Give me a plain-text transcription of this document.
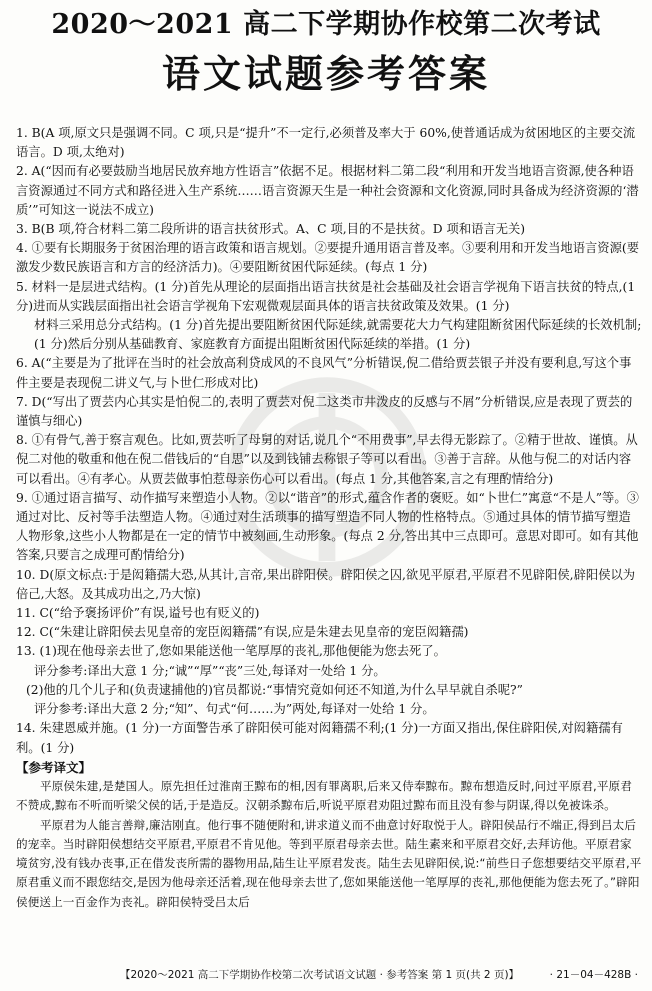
2020～2021 高二下学期协作校第二次考试
语文试题参考答案

1. B(A 项,原文只是强调不同。C 项,只是“提升”不一定行,必须普及率大于 60%,使普通话成为贫困地区的主要交流语言。D 项,太绝对)

2. A(“因而有必要鼓励当地居民放弃地方性语言”依据不足。根据材料二第二段“利用和开发当地语言资源,使各种语言资源通过不同方式和路径进入生产系统……语言资源天生是一种社会资源和文化资源,同时具备成为经济资源的‘潜质’”可知这一说法不成立)

3. B(B 项,符合材料二第二段所讲的语言扶贫形式。A、C 项,目的不是扶贫。D 项和语言无关)

4. ①要有长期服务于贫困治理的语言政策和语言规划。②要提升通用语言普及率。③要利用和开发当地语言资源(要激发少数民族语言和方言的经济活力)。④要阻断贫困代际延续。(每点 1 分)

5. 材料一是层进式结构。(1 分)首先从理论的层面指出语言扶贫是社会基础及社会语言学视角下语言扶贫的特点,(1 分)进而从实践层面指出社会语言学视角下宏观微观层面具体的语言扶贫政策及效果。(1 分)

材料三采用总分式结构。(1 分)首先提出要阻断贫困代际延续,就需要花大力气构建阻断贫困代际延续的长效机制;(1 分)然后分别从基础教育、家庭教育方面提出阻断贫困代际延续的举措。(1 分)

6. A(“主要是为了批评在当时的社会放高利贷成风的不良风气”分析错误,倪二借给贾芸银子并没有要利息,写这个事件主要是表现倪二讲义气,与卜世仁形成对比)

7. D(“写出了贾芸内心其实是怕倪二的,表明了贾芸对倪二这类市井泼皮的反感与不屑”分析错误,应是表现了贾芸的谨慎与细心)

8. ①有骨气,善于察言观色。比如,贾芸听了母舅的对话,说几个“不用费事”,早去得无影踪了。②精于世故、谨慎。从倪二对他的敬重和他在倪二借钱后的“自思”以及到钱铺去称银子等可以看出。③善于言辞。从他与倪二的对话内容可以看出。④有孝心。从贾芸做事怕惹母亲伤心可以看出。(每点 1 分,其他答案,言之有理酌情给分)

9. ①通过语言描写、动作描写来塑造小人物。②以“谐音”的形式,蕴含作者的褒贬。如“卜世仁”寓意“不是人”等。③通过对比、反衬等手法塑造人物。④通过对生活琐事的描写塑造不同人物的性格特点。⑤通过具体的情节描写塑造人物形象,这些小人物都是在一定的情节中被刻画,生动形象。(每点 2 分,答出其中三点即可。意思对即可。如有其他答案,只要言之成理可酌情给分)

10. D(原文标点:于是闳籍孺大恐,从其计,言帝,果出辟阳侯。辟阳侯之囚,欲见平原君,平原君不见辟阳侯,辟阳侯以为倍己,大怒。及其成功出之,乃大惊)

11. C(“给予褒扬评价”有误,谥号也有贬义的)

12. C(“朱建让辟阳侯去见皇帝的宠臣闳籍孺”有误,应是朱建去见皇帝的宠臣闳籍孺)

13. (1)现在他母亲去世了,您如果能送他一笔厚厚的丧礼,那他便能为您去死了。

评分参考:译出大意 1 分;“诚”“厚”“丧”三处,每译对一处给 1 分。

(2)他的几个儿子和(负责逮捕他的)官员都说:“事情究竟如何还不知道,为什么早早就自杀呢?”

评分参考:译出大意 2 分;“知”、句式“何……为”两处,每译对一处给 1 分。

14. 朱建恩威并施。(1 分)一方面警告承了辟阳侯可能对闳籍孺不利;(1 分)一方面又指出,保住辟阳侯,对闳籍孺有利。(1 分)

【参考译文】

平原侯朱建,是楚国人。原先担任过淮南王黥布的相,因有罪离职,后来又侍奉黥布。黥布想造反时,问过平原君,平原君不赞成,黥布不听而听梁父侯的话,于是造反。汉朝杀黥布后,听说平原君劝阻过黥布而且没有参与阴谋,得以免被诛杀。

平原君为人能言善辩,廉洁刚直。他行事不随便附和,讲求道义而不曲意讨好取悦于人。辟阳侯品行不端正,得到吕太后的宠幸。当时辟阳侯想结交平原君,平原君不肯见他。等到平原君母亲去世。陆生素来和平原君交好,去拜访他。平原君家境贫穷,没有钱办丧事,正在借发丧所需的器物用品,陆生让平原君发丧。陆生去见辟阳侯,说:“前些日子您想要结交平原君,平原君重义而不跟您结交,是因为他母亲还活着,现在他母亲去世了,您如果能送他一笔厚厚的丧礼,那他便能为您去死了。”辟阳侯便送上一百金作为丧礼。辟阳侯特受吕太后

【2020～2021 高二下学期协作校第二次考试语文试题 · 参考答案 第 1 页(共 2 页)】	· 21－04－428B ·
